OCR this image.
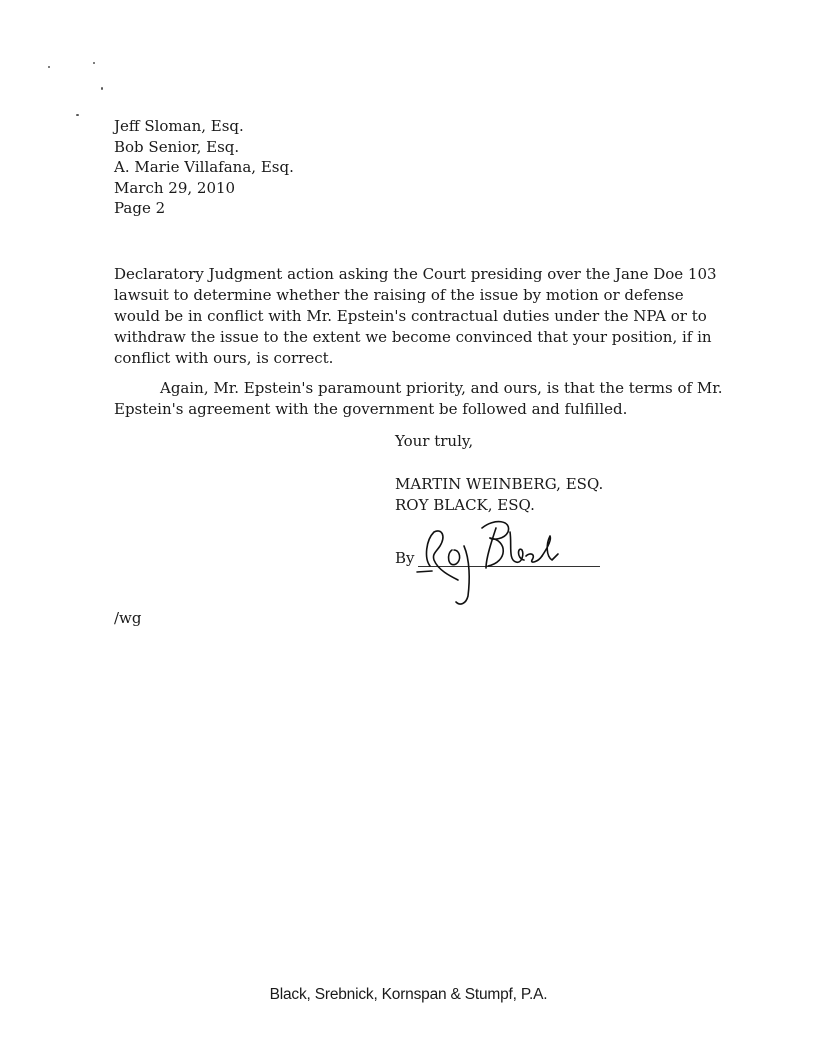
Jeff Sloman, Esq.
Bob Senior, Esq.
A. Marie Villafana, Esq.
March 29, 2010
Page 2
Declaratory Judgment action asking the Court presiding over the Jane Doe 103 lawsuit to determine whether the raising of the issue by motion or defense would be in conflict with Mr. Epstein's contractual duties under the NPA or to withdraw the issue to the extent we become convinced that your position, if in conflict with ours, is correct.
Again, Mr. Epstein's paramount priority, and ours, is that the terms of Mr. Epstein's agreement with the government be followed and fulfilled.
Your truly,
MARTIN WEINBERG, ESQ.
ROY BLACK, ESQ.
By
/wg
Black, Srebnick, Kornspan & Stumpf, P.A.
